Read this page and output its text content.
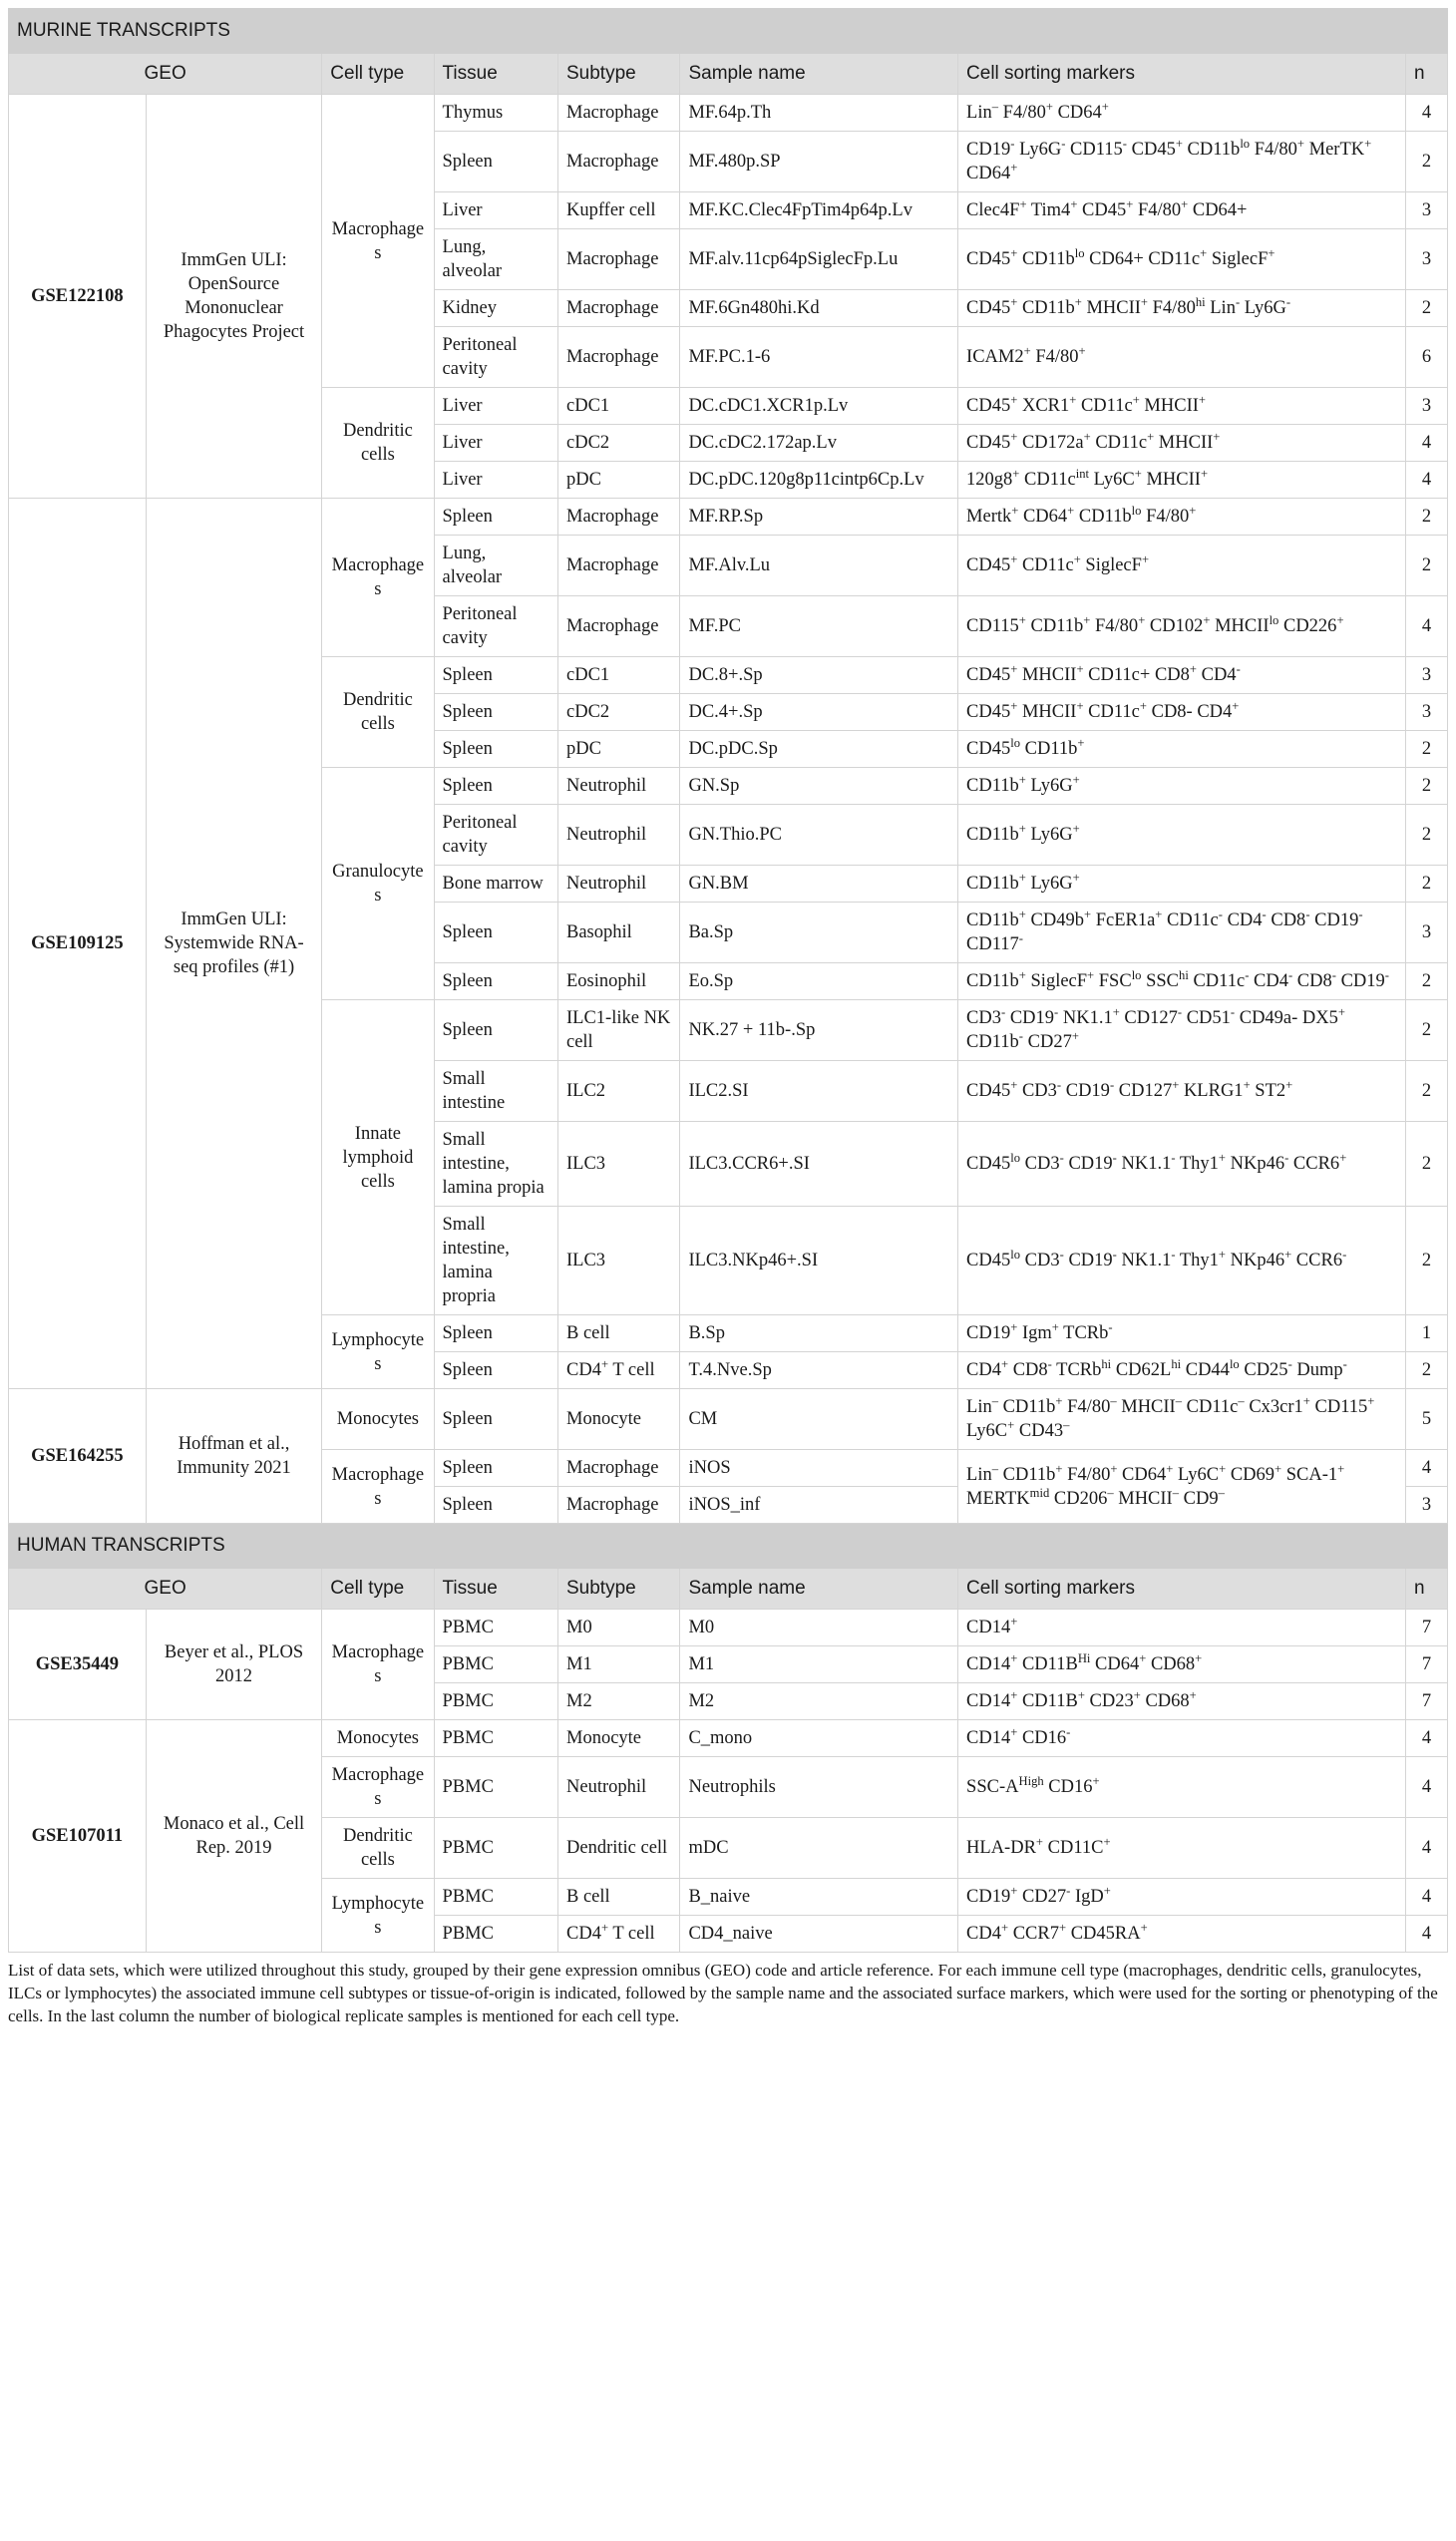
MURINE TRANSCRIPTS							
GEO		Cell type	Tissue	Subtype	Sample name	Cell sorting markers	n
GSE122108	ImmGen ULI: OpenSource Mononuclear Phagocytes Project	Macrophages	Thymus	Macrophage	MF.64p.Th	Lin– F4/80+ CD64+	4
			Spleen	Macrophage	MF.480p.SP	CD19- Ly6G- CD115- CD45+ $CD11b^{lo}$ F4/80+ MerTK+ CD64+	2
			Liver	Kupffer cell	MF.KC.Clec4FpTim4p64p.Lv	Clec4F+ Tim4+ CD45+ F4/80+ CD64+	3
			Lung, alveolar	Macrophage	MF.alv.11cp64pSiglecFp.Lu	CD45+ $CD11b^{lo}$ CD64+ CD11c+ SiglecF+	3
			Kidney	Macrophage	MF.6Gn480hi.Kd	CD45+ CD11b+ MHCII+ $F4/80^{hi}$ Lin- Ly6G-	2
			Peritoneal cavity	Macrophage	MF.PC.1-6	ICAM2+ F4/80+	6
		Dendritic cells	Liver	cDC1	DC.cDC1.XCR1p.Lv	CD45+ XCR1+ CD11c+ MHCII+	3
			Liver	cDC2	DC.cDC2.172ap.Lv	CD45+ CD172a+ CD11c+ MHCII+	4
			Liver	pDC	DC.pDC.120g8p11cintp6Cp.Lv	120g8+ $CD11c^{int}$ Ly6C+ MHCII+	4
GSE109125	ImmGen ULI: Systemwide RNA-seq profiles (#1)	Macrophages	Spleen	Macrophage	MF.RP.Sp	Mertk+ CD64+ $CD11b^{lo}$ F4/80+	2
			Lung, alveolar	Macrophage	MF.Alv.Lu	CD45+ CD11c+ SiglecF+	2
			Peritoneal cavity	Macrophage	MF.PC	CD115+ CD11b+ F4/80+ CD102+ $MHCII^{lo}$ CD226+	4
		Dendritic cells	Spleen	cDC1	DC.8+.Sp	CD45+ MHCII+ CD11c+ CD8+ CD4-	3
			Spleen	cDC2	DC.4+.Sp	CD45+ MHCII+ CD11c+ CD8- CD4+	3
			Spleen	pDC	DC.pDC.Sp	$CD45^{lo}$ CD11b+	2
		Granulocytes	Spleen	Neutrophil	GN.Sp	CD11b+ Ly6G+	2
			Peritoneal cavity	Neutrophil	GN.Thio.PC	CD11b+ Ly6G+	2
			Bone marrow	Neutrophil	GN.BM	CD11b+ Ly6G+	2
			Spleen	Basophil	Ba.Sp	CD11b+ CD49b+ FcER1a+ CD11c- CD4- CD8- CD19- CD117-	3
			Spleen	Eosinophil	Eo.Sp	CD11b+ SiglecF+ $FSC^{lo}$ $SSC^{hi}$ CD11c- CD4- CD8- CD19-	2
		Innate lymphoid cells	Spleen	ILC1-like NK cell	NK.27 + 11b-.Sp	CD3- CD19- NK1.1+ CD127- CD51- CD49a- DX5+ CD11b- CD27+	2
			Small intestine	ILC2	ILC2.SI	CD45+ CD3- CD19- CD127+ KLRG1+ ST2+	2
			Small intestine, lamina propia	ILC3	ILC3.CCR6+.SI	$CD45^{lo}$ CD3- CD19- NK1.1- Thy1+ NKp46- CCR6+	2
			Small intestine, lamina propria	ILC3	ILC3.NKp46+.SI	$CD45^{lo}$ CD3- CD19- NK1.1- Thy1+ NKp46+ CCR6-	2
		Lymphocytes	Spleen	B cell	B.Sp	CD19+ Igm+ TCRb-	1
			Spleen	CD4+ T cell	T.4.Nve.Sp	CD4+ CD8- TCRb$^{hi}$ $CD62L^{hi}$ $CD44^{lo}$ CD25- Dump-	2
GSE164255	Hoffman et al., Immunity 2021	Monocytes	Spleen	Monocyte	CM	Lin– CD11b+ F4/80– MHCII– CD11c– Cx3cr1+ CD115+ Ly6C+ CD43–	5
		Macrophages	Spleen	Macrophage	iNOS	Lin– CD11b+ F4/80+ CD64+ Ly6C+ CD69+ SCA-1+ $MERTK^{mid}$ CD206– MHCII– CD9–	4
			Spleen	Macrophage	iNOS_inf		3
HUMAN TRANSCRIPTS							
GEO		Cell type	Tissue	Subtype	Sample name	Cell sorting markers	n
GSE35449	Beyer et al., PLOS 2012	Macrophages	PBMC	M0	M0	CD14+	7
			PBMC	M1	M1	CD14+ $CD11B^{Hi}$ CD64+ CD68+	7
			PBMC	M2	M2	CD14+ CD11B+ CD23+ CD68+	7
GSE107011	Monaco et al., Cell Rep. 2019	Monocytes	PBMC	Monocyte	C_mono	CD14+ CD16-	4
		Macrophages	PBMC	Neutrophil	Neutrophils	SSC-$A^{High}$ CD16+	4
		Dendritic cells	PBMC	Dendritic cell	mDC	HLA-DR+ CD11C+	4
		Lymphocytes	PBMC	B cell	B_naive	CD19+ CD27- IgD+	4
			PBMC	CD4+ T cell	CD4_naive	CD4+ CCR7+ CD45RA+	4
List of data sets, which were utilized throughout this study, grouped by their gene expression omnibus (GEO) code and article reference. For each immune cell type (macrophages, dendritic cells, granulocytes, ILCs or lymphocytes) the associated immune cell subtypes or tissue-of-origin is indicated, followed by the sample name and the associated surface markers, which were used for the sorting or phenotyping of the cells. In the last column the number of biological replicate samples is mentioned for each cell type.
